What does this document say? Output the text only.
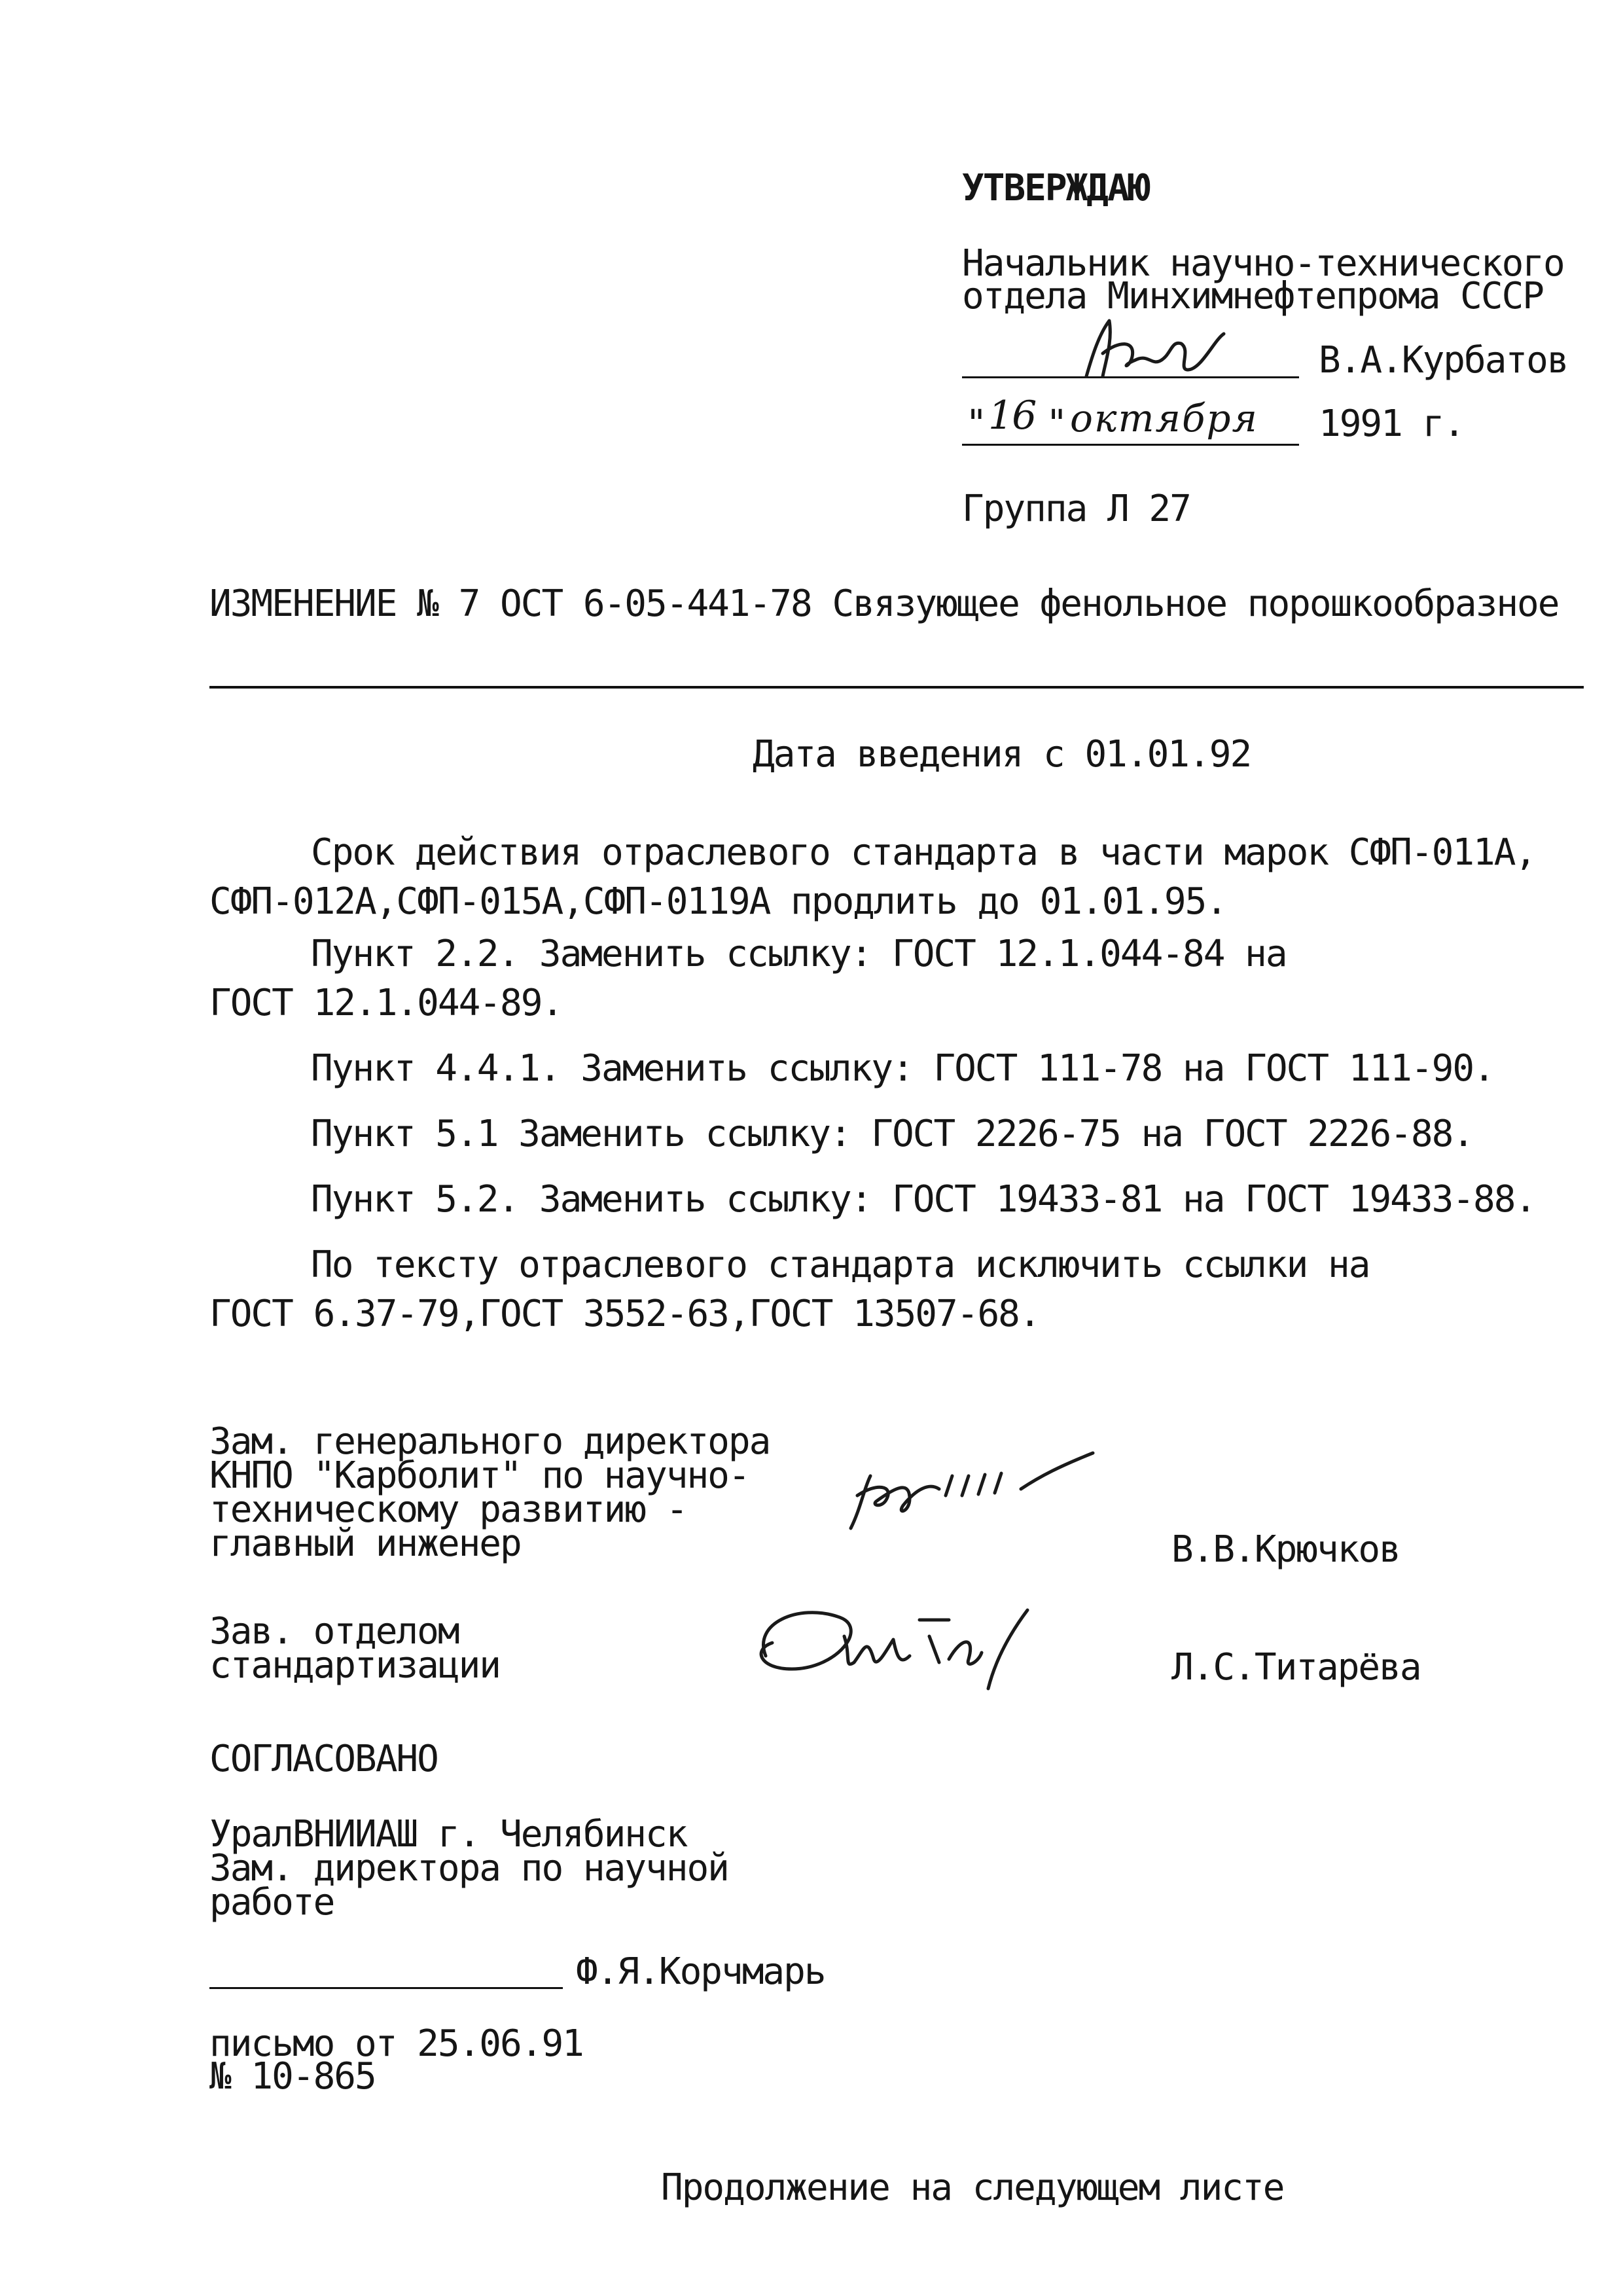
УТВЕРЖДАЮ
Начальник научно-технического
отдела Минхимнефтепрома СССР
В.А.Курбатов
" 16 " октября 1991 г.
Группа Л 27
ИЗМЕНЕНИЕ № 7 ОСТ 6-05-441-78 Связующее фенольное порошкообразное
Дата введения с 01.01.92
Срок действия отраслевого стандарта в части марок СФП-011А,
СФП-012А,СФП-015А,СФП-0119А продлить до 01.01.95.
Пункт 2.2. Заменить ссылку: ГОСТ 12.1.044-84 на
ГОСТ 12.1.044-89.
Пункт 4.4.1. Заменить ссылку: ГОСТ 111-78 на ГОСТ 111-90.
Пункт 5.1 Заменить ссылку: ГОСТ 2226-75 на ГОСТ 2226-88.
Пункт 5.2. Заменить ссылку: ГОСТ 19433-81 на ГОСТ 19433-88.
По тексту отраслевого стандарта исключить ссылки на
ГОСТ 6.37-79,ГОСТ 3552-63,ГОСТ 13507-68.
Зам. генерального директора
КНПО "Карболит" по научно-
техническому развитию -
главный инженер	В.В.Крючков
Зав. отделом
стандартизации	Л.С.Титарёва
СОГЛАСОВАНО
УралВНИИАШ г. Челябинск
Зам. директора по научной
работе
Ф.Я.Корчмарь
письмо от 25.06.91
№ 10-865
Продолжение на следующем листе
